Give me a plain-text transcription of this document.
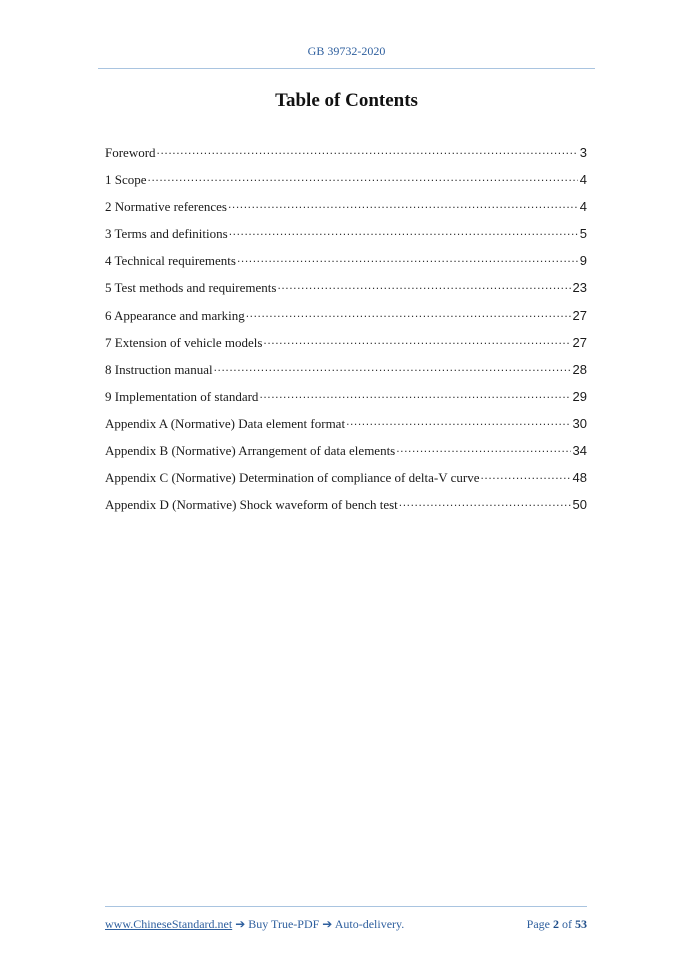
GB 39732-2020
Table of Contents
Foreword .....	3
1 Scope .....	4
2 Normative references .....	4
3 Terms and definitions .....	5
4 Technical requirements .....	9
5 Test methods and requirements .....	23
6 Appearance and marking .....	27
7 Extension of vehicle models .....	27
8 Instruction manual .....	28
9 Implementation of standard .....	29
Appendix A (Normative) Data element format .....	30
Appendix B (Normative) Arrangement of data elements .....	34
Appendix C (Normative) Determination of compliance of delta-V curve .....	48
Appendix D (Normative) Shock waveform of bench test .....	50
www.ChineseStandard.net ➔ Buy True-PDF ➔ Auto-delivery.	Page 2 of 53
